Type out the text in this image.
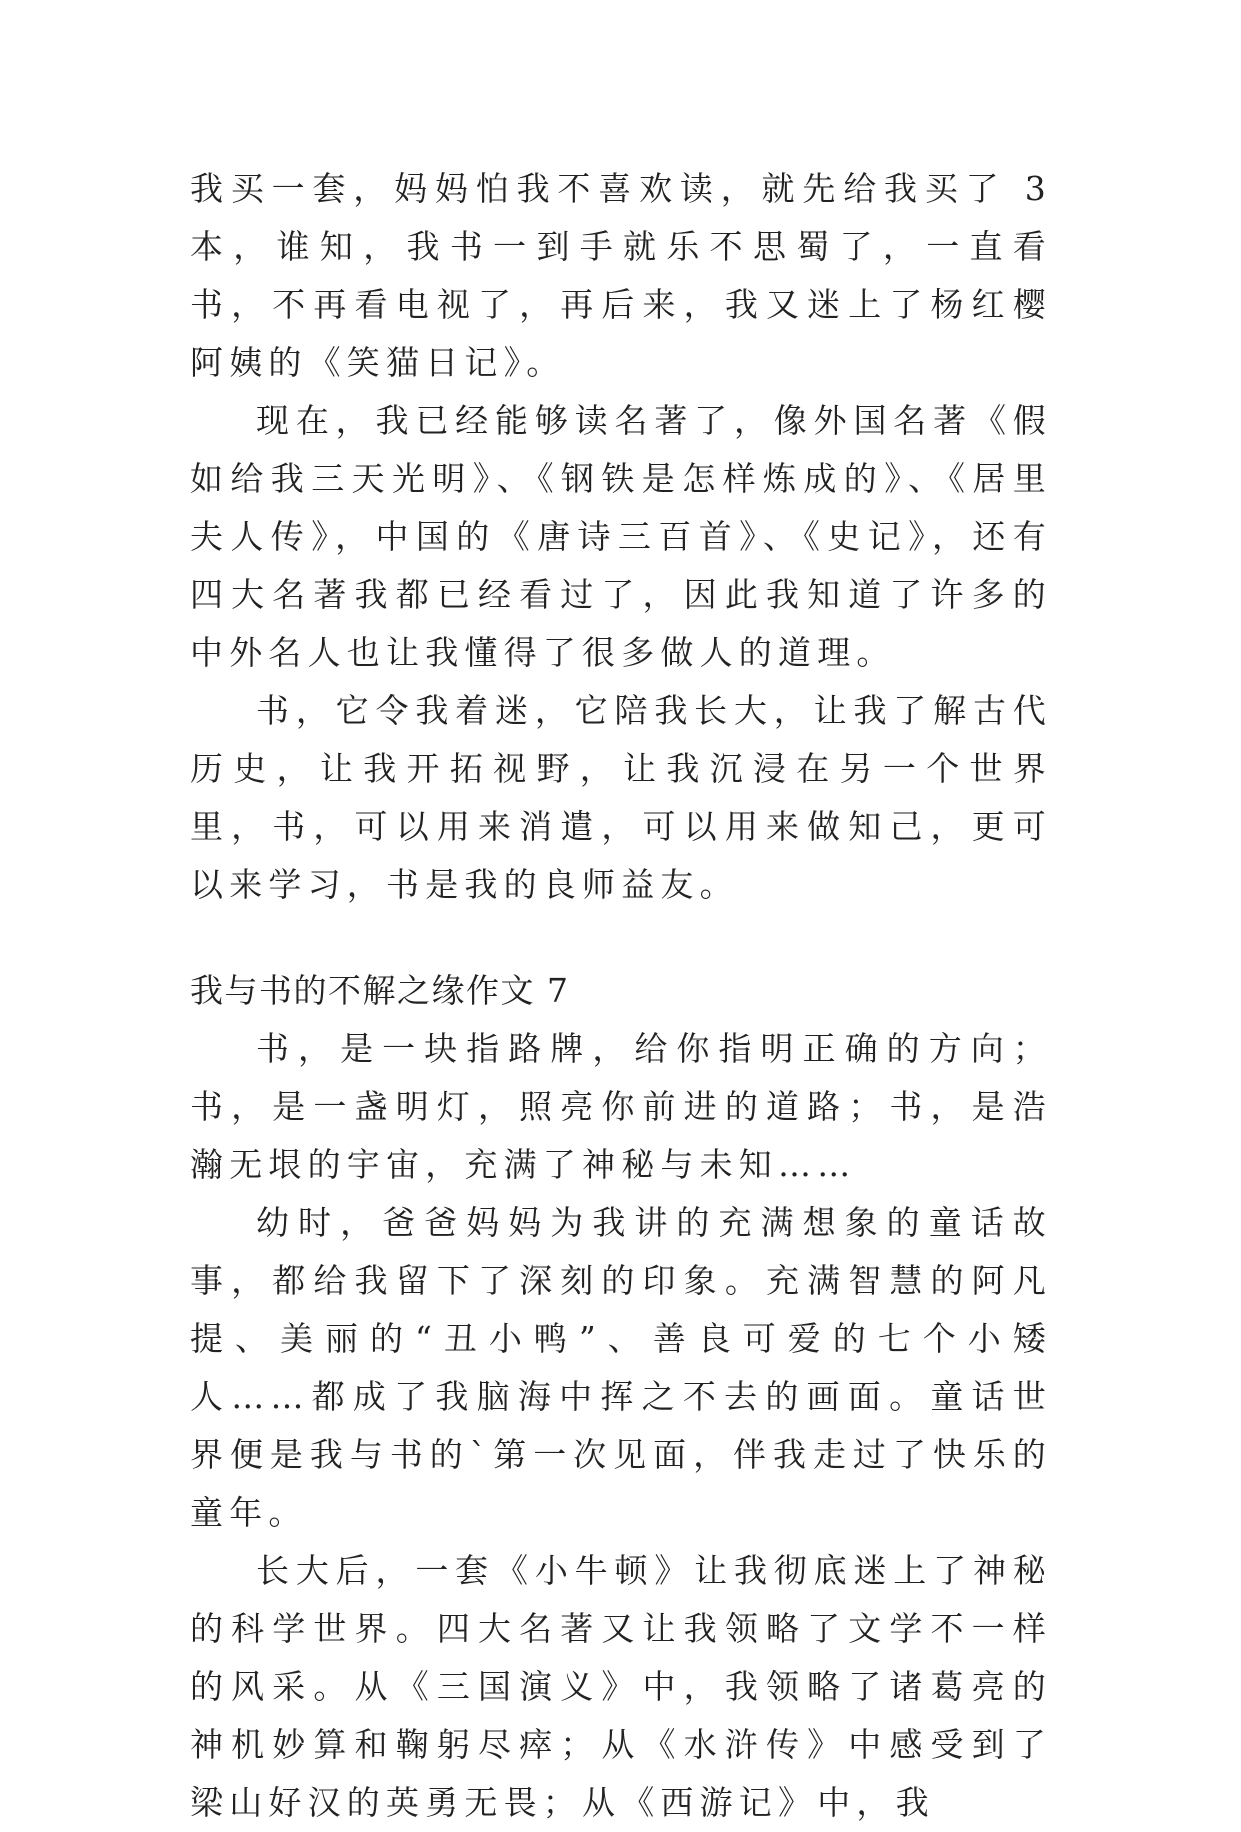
我买一套，妈妈怕我不喜欢读，就先给我买了 3 本，谁知，我书一到手就乐不思蜀了，一直看书，不再看电视了，再后来，我又迷上了杨红樱阿姨的《笑猫日记》。

现在，我已经能够读名著了，像外国名著《假如给我三天光明》、《钢铁是怎样炼成的》、《居里夫人传》，中国的《唐诗三百首》、《史记》，还有四大名著我都已经看过了，因此我知道了许多的中外名人也让我懂得了很多做人的道理。

书，它令我着迷，它陪我长大，让我了解古代历史，让我开拓视野，让我沉浸在另一个世界里，书，可以用来消遣，可以用来做知己，更可以来学习，书是我的良师益友。

我与书的不解之缘作文 7

书，是一块指路牌，给你指明正确的方向；书，是一盏明灯，照亮你前进的道路；书，是浩瀚无垠的宇宙，充满了神秘与未知……

幼时，爸爸妈妈为我讲的充满想象的童话故事，都给我留下了深刻的印象。充满智慧的阿凡提、美丽的“丑小鸭”、善良可爱的七个小矮人……都成了我脑海中挥之不去的画面。童话世界便是我与书的`第一次见面，伴我走过了快乐的童年。

长大后，一套《小牛顿》让我彻底迷上了神秘的科学世界。四大名著又让我领略了文学不一样的风采。从《三国演义》中，我领略了诸葛亮的神机妙算和鞠躬尽瘁；从《水浒传》中感受到了梁山好汉的英勇无畏；从《西游记》中，我
